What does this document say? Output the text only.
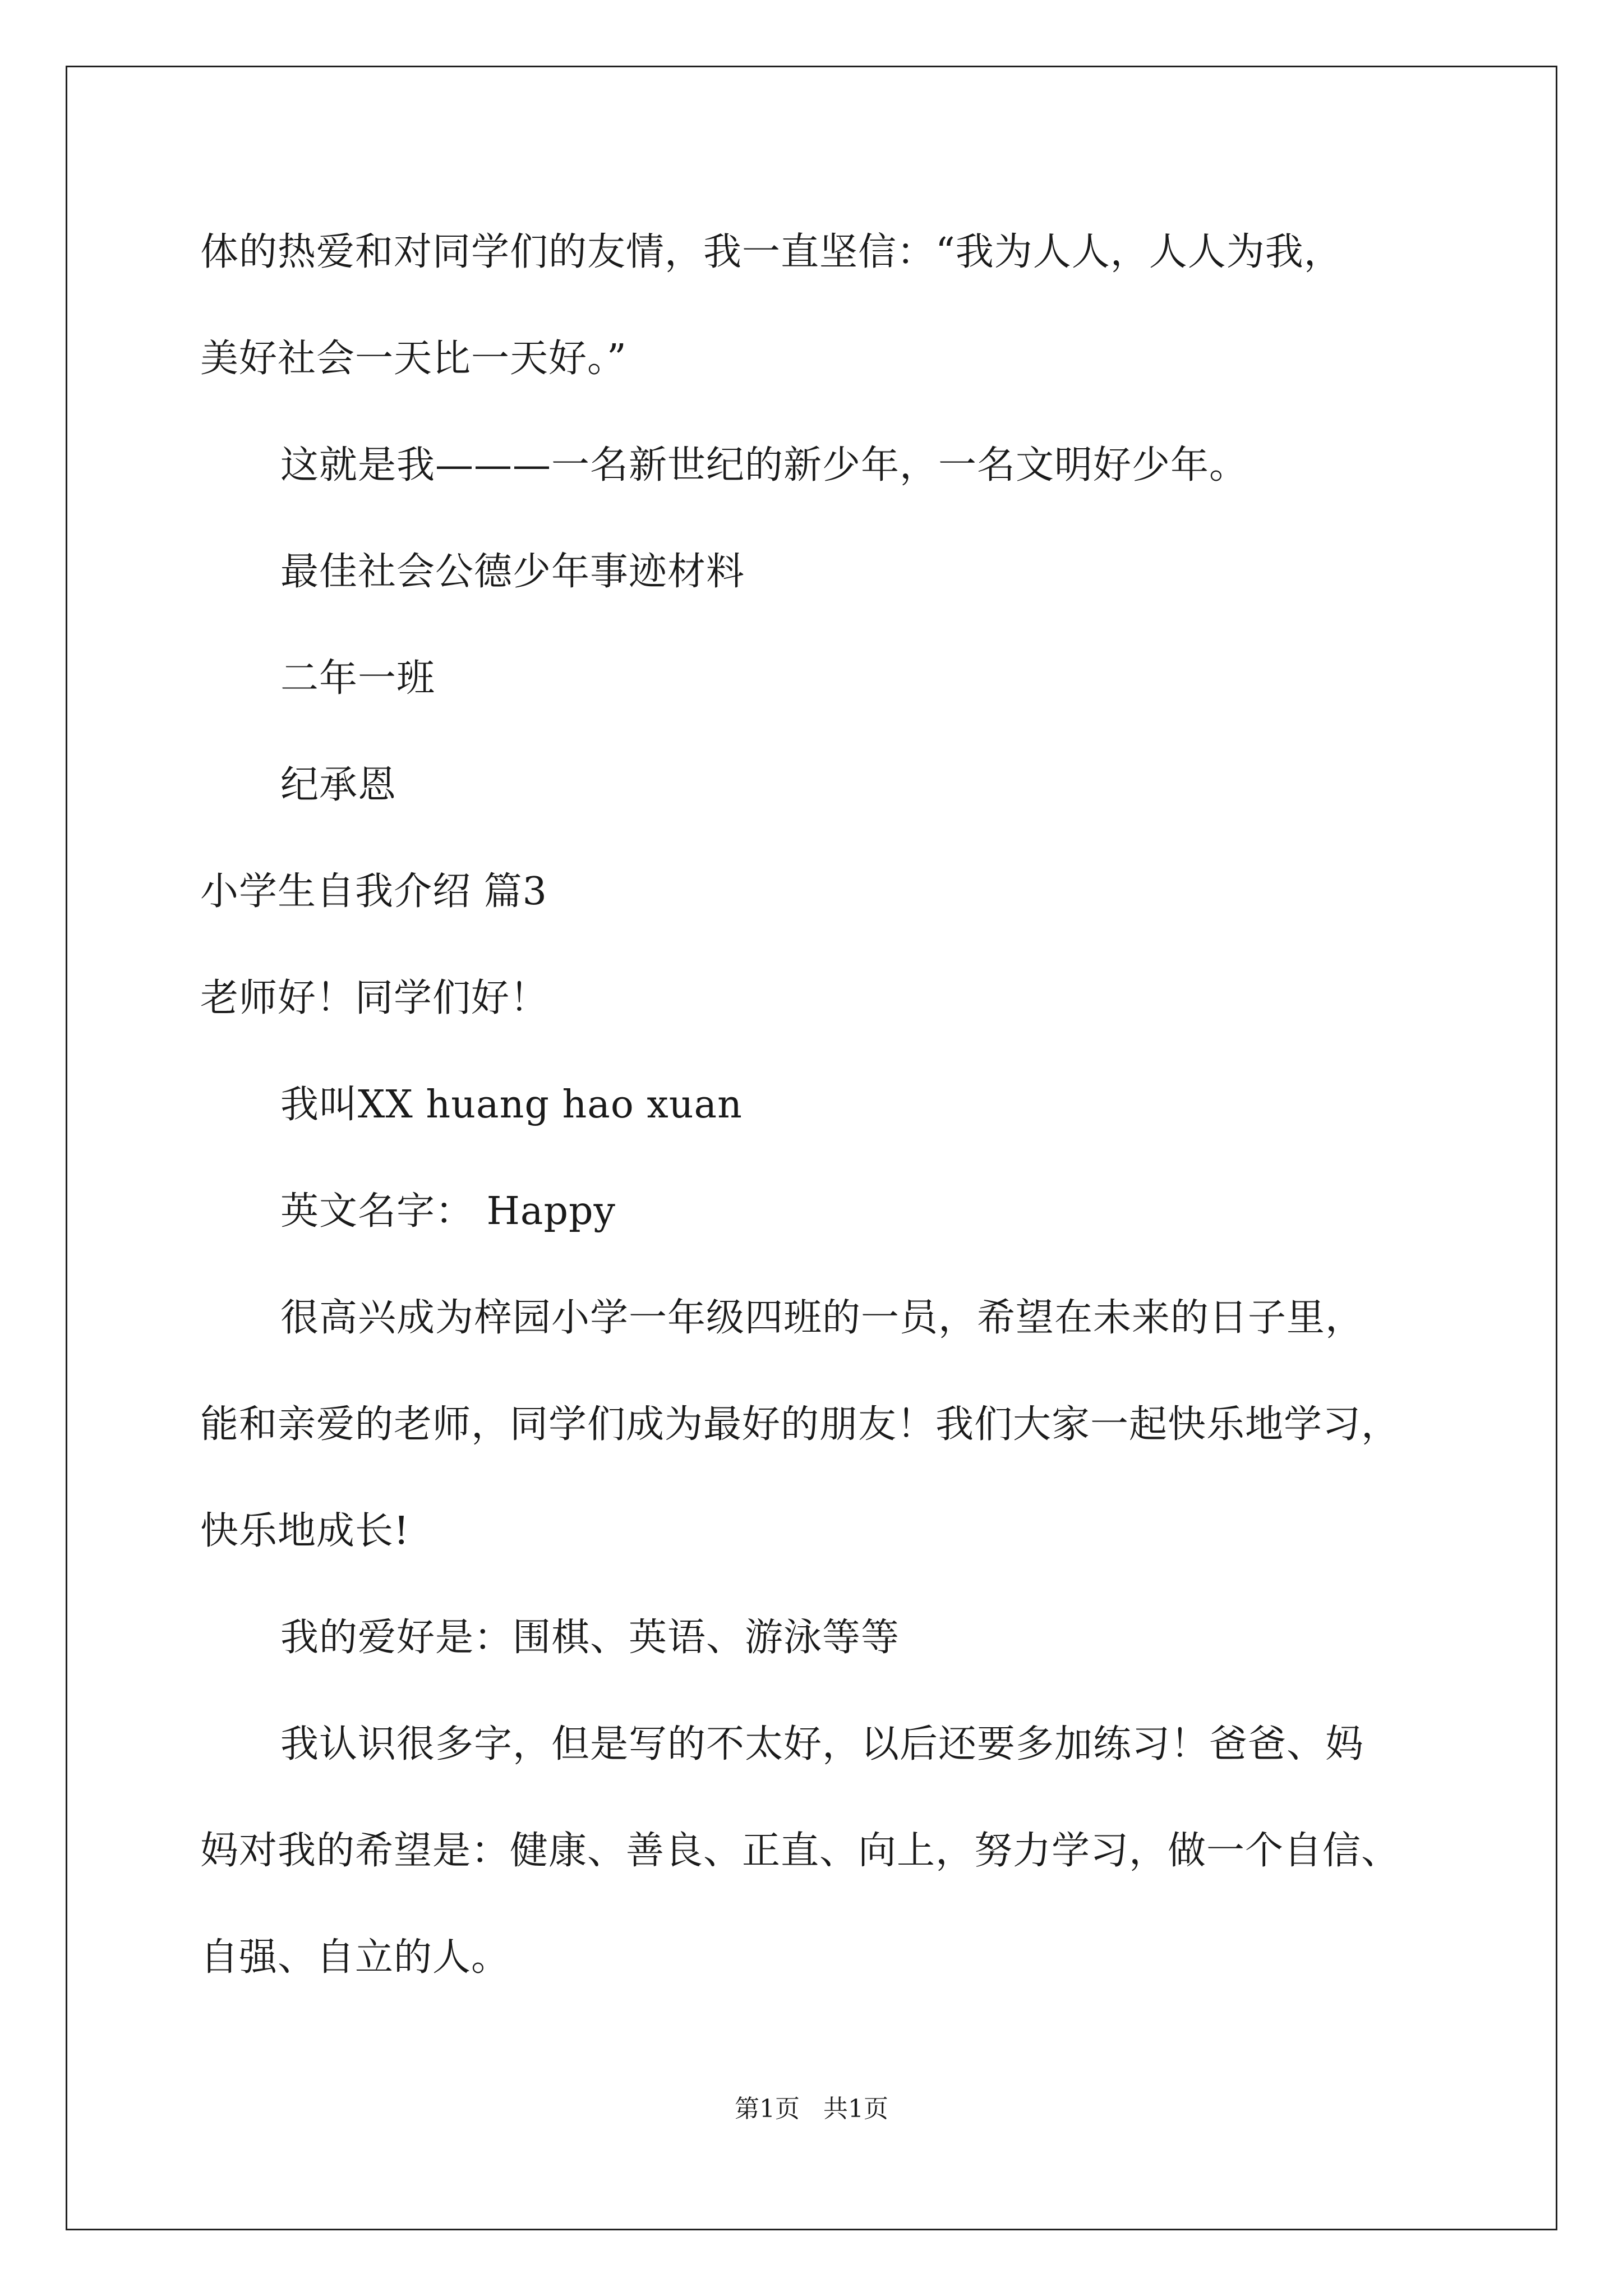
体的热爱和对同学们的友情，我一直坚信：“我为人人，人人为我，
美好社会一天比一天好。”
这就是我———一名新世纪的新少年，一名文明好少年。
最佳社会公德少年事迹材料
二年一班
纪承恩
小学生自我介绍 篇3
老师好！同学们好！
我叫XX huang hao xuan
英文名字： Happy
很高兴成为梓园小学一年级四班的一员，希望在未来的日子里，
能和亲爱的老师，同学们成为最好的朋友！我们大家一起快乐地学习，
快乐地成长!
我的爱好是：围棋、英语、游泳等等
我认识很多字，但是写的不太好，以后还要多加练习！爸爸、妈
妈对我的希望是：健康、善良、正直、向上，努力学习，做一个自信、
自强、自立的人。
第1页   共1页
